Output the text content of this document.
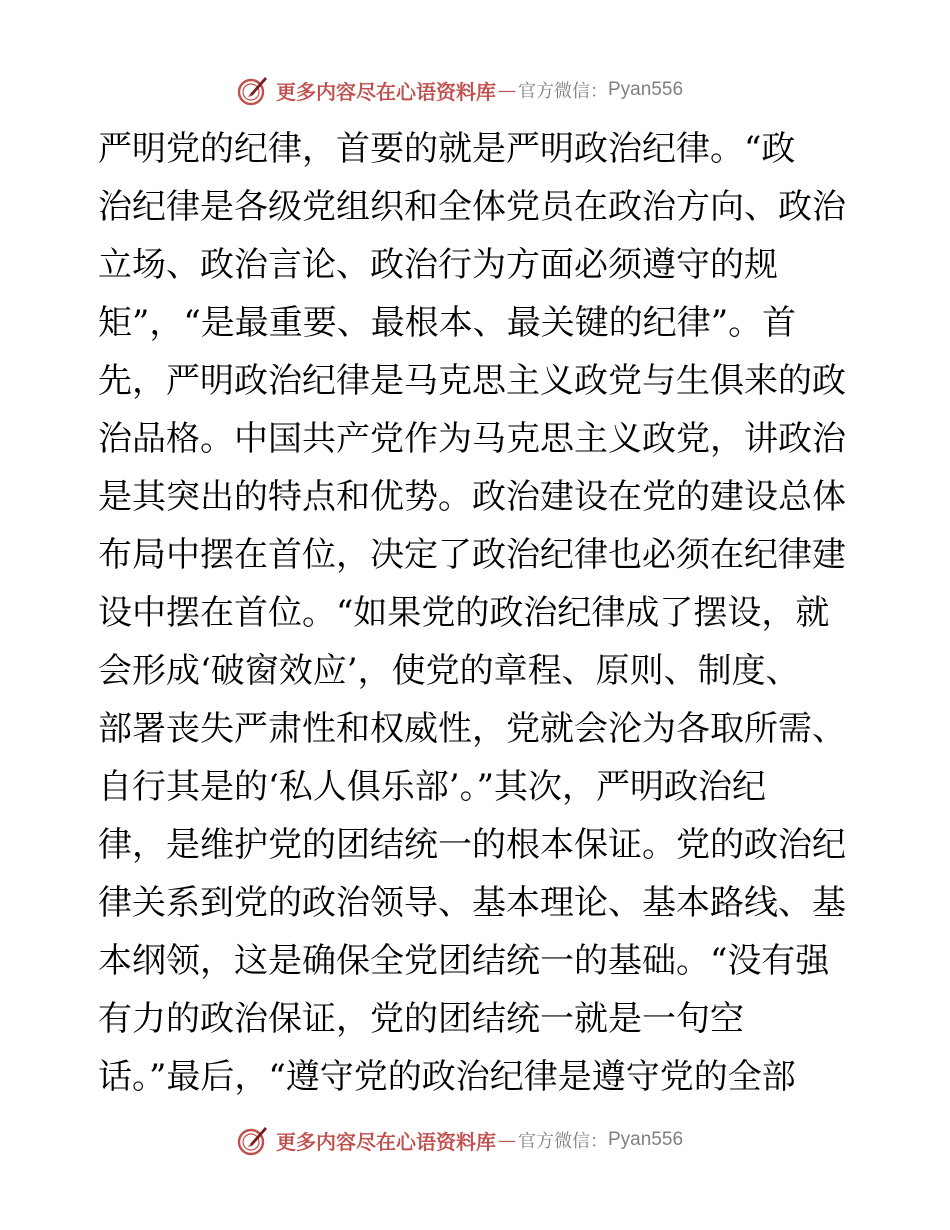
更多内容尽在心语资料库 — 官方微信： Pyan556
严明党的纪律，首要的就是严明政治纪律。“政
治纪律是各级党组织和全体党员在政治方向、政治
立场、政治言论、政治行为方面必须遵守的规
矩”，“是最重要、最根本、最关键的纪律”。首
先，严明政治纪律是马克思主义政党与生俱来的政
治品格。中国共产党作为马克思主义政党，讲政治
是其突出的特点和优势。政治建设在党的建设总体
布局中摆在首位，决定了政治纪律也必须在纪律建
设中摆在首位。“如果党的政治纪律成了摆设，就
会形成‘破窗效应’，使党的章程、原则、制度、
部署丧失严肃性和权威性，党就会沦为各取所需、
自行其是的‘私人俱乐部’。”其次，严明政治纪
律，是维护党的团结统一的根本保证。党的政治纪
律关系到党的政治领导、基本理论、基本路线、基
本纲领，这是确保全党团结统一的基础。“没有强
有力的政治保证，党的团结统一就是一句空
话。”最后，“遵守党的政治纪律是遵守党的全部
更多内容尽在心语资料库 — 官方微信： Pyan556
